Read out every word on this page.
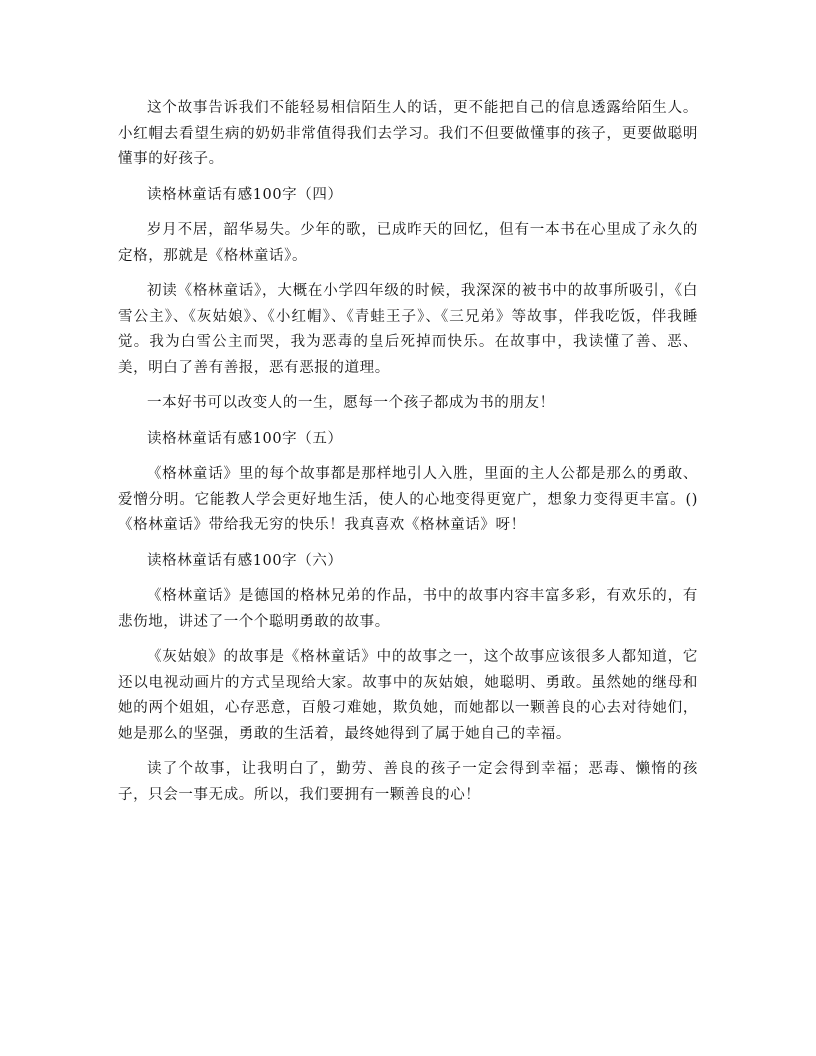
这个故事告诉我们不能轻易相信陌生人的话，更不能把自己的信息透露给陌生人。小红帽去看望生病的奶奶非常值得我们去学习。我们不但要做懂事的孩子，更要做聪明懂事的好孩子。

读格林童话有感100字（四）

岁月不居，韶华易失。少年的歌，已成昨天的回忆，但有一本书在心里成了永久的定格，那就是《格林童话》。

初读《格林童话》，大概在小学四年级的时候，我深深的被书中的故事所吸引，《白雪公主》、《灰姑娘》、《小红帽》、《青蛙王子》、《三兄弟》等故事，伴我吃饭，伴我睡觉。我为白雪公主而哭，我为恶毒的皇后死掉而快乐。在故事中，我读懂了善、恶、美，明白了善有善报，恶有恶报的道理。

一本好书可以改变人的一生，愿每一个孩子都成为书的朋友！

读格林童话有感100字（五）

《格林童话》里的每个故事都是那样地引人入胜，里面的主人公都是那么的勇敢、爱憎分明。它能教人学会更好地生活，使人的心地变得更宽广，想象力变得更丰富。()《格林童话》带给我无穷的快乐！我真喜欢《格林童话》呀！

读格林童话有感100字（六）

《格林童话》是德国的格林兄弟的作品，书中的故事内容丰富多彩，有欢乐的，有悲伤地，讲述了一个个聪明勇敢的故事。

《灰姑娘》的故事是《格林童话》中的故事之一，这个故事应该很多人都知道，它还以电视动画片的方式呈现给大家。故事中的灰姑娘，她聪明、勇敢。虽然她的继母和她的两个姐姐，心存恶意，百般刁难她，欺负她，而她都以一颗善良的心去对待她们，她是那么的坚强，勇敢的生活着，最终她得到了属于她自己的幸福。

读了个故事，让我明白了，勤劳、善良的孩子一定会得到幸福；恶毒、懒惰的孩子，只会一事无成。所以，我们要拥有一颗善良的心！
